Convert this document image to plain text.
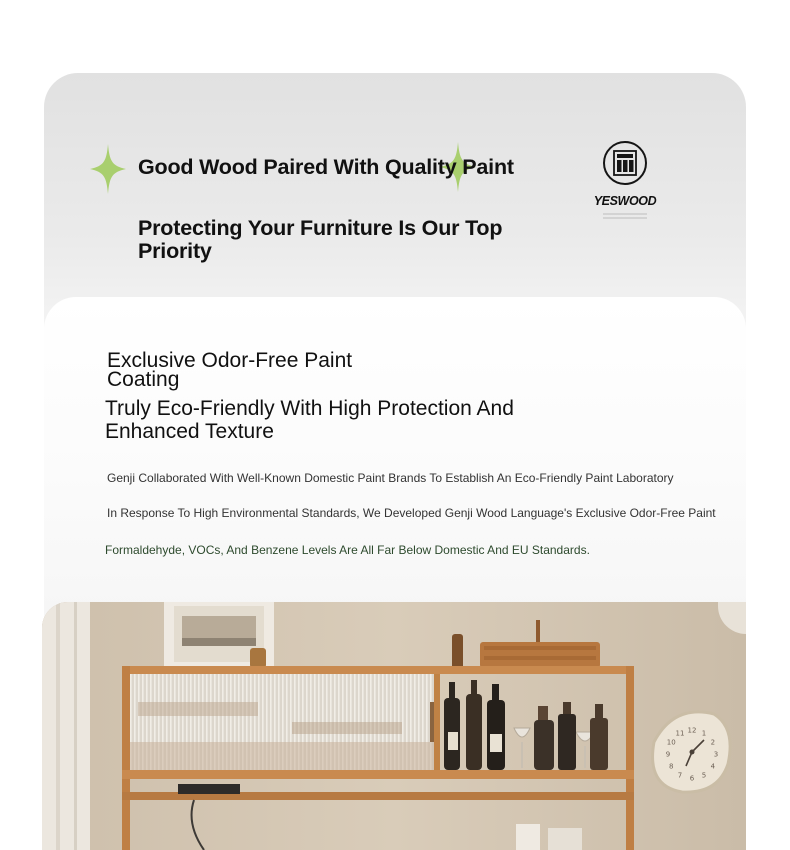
Good Wood Paired With Quality Paint
Protecting Your Furniture Is Our Top Priority
YESWOOD
Exclusive Odor-Free Paint Coating
Truly Eco-Friendly With High Protection And Enhanced Texture

Genji Collaborated With Well-Known Domestic Paint Brands To Establish An Eco-Friendly Paint Laboratory

In Response To High Environmental Standards, We Developed Genji Wood Language's Exclusive Odor-Free Paint

Formaldehyde, VOCs, And Benzene Levels Are All Far Below Domestic And EU Standards.

12 1
2
3
4
5
6
7
8
9
10
11
